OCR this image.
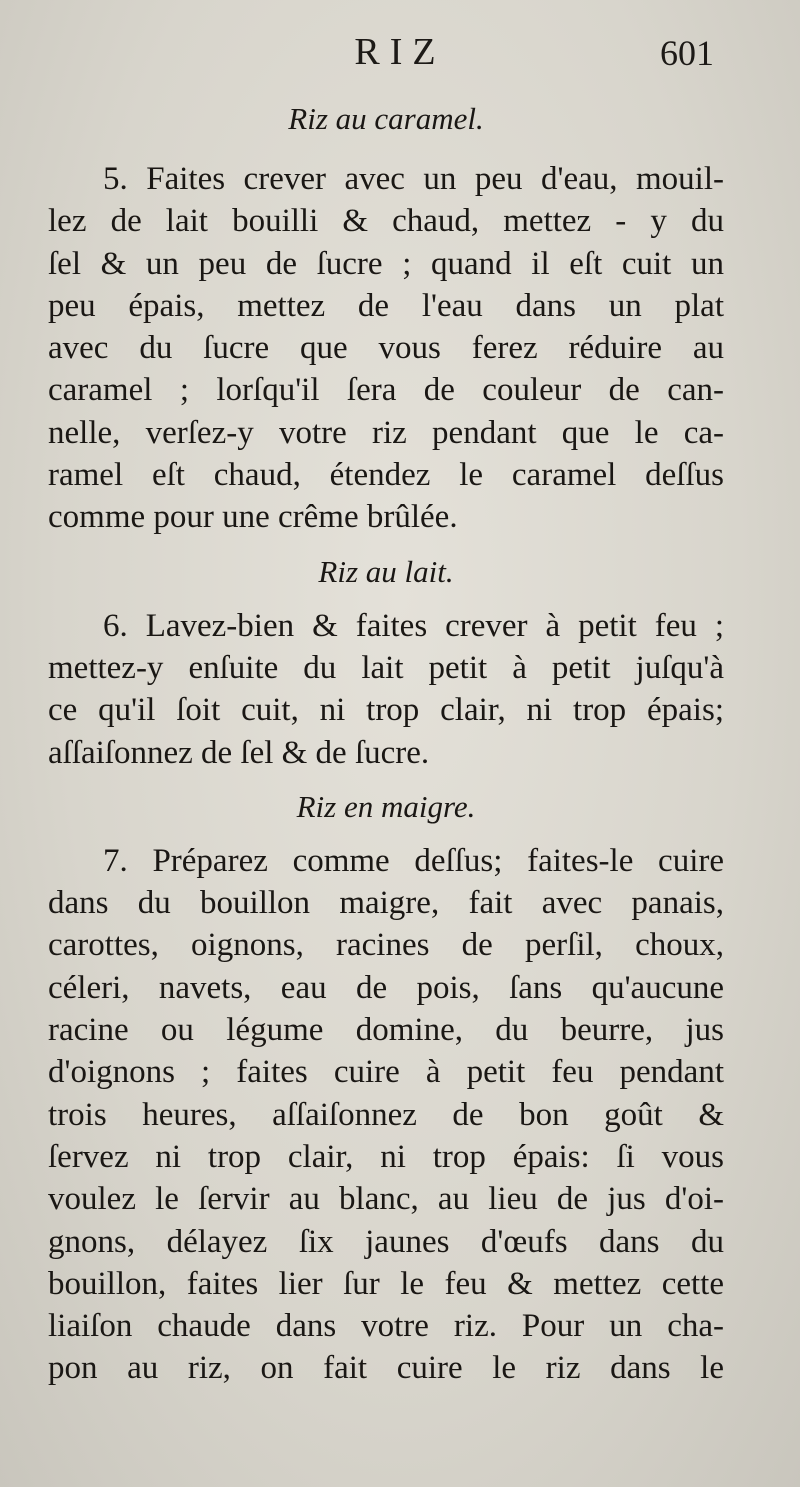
RIZ	601
Riz au caramel.
5. Faites crever avec un peu d'eau, mouil-
lez de lait bouilli & chaud, mettez - y du
ſel & un peu de ſucre ; quand il eſt cuit un
peu épais, mettez de l'eau dans un plat
avec du ſucre que vous ferez réduire au
caramel ; lorſqu'il ſera de couleur de can-
nelle, verſez-y votre riz pendant que le ca-
ramel eſt chaud, étendez le caramel deſſus
comme pour une crême brûlée.
Riz au lait.
6. Lavez-bien & faites crever à petit feu ;
mettez-y enſuite du lait petit à petit juſqu'à
ce qu'il ſoit cuit, ni trop clair, ni trop épais;
aſſaiſonnez de ſel & de ſucre.
Riz en maigre.
7. Préparez comme deſſus; faites-le cuire
dans du bouillon maigre, fait avec panais,
carottes, oignons, racines de perſil, choux,
céleri, navets, eau de pois, ſans qu'aucune
racine ou légume domine, du beurre, jus
d'oignons ; faites cuire à petit feu pendant
trois heures, aſſaiſonnez de bon goût &
ſervez ni trop clair, ni trop épais: ſi vous
voulez le ſervir au blanc, au lieu de jus d'oi-
gnons, délayez ſix jaunes d'œufs dans du
bouillon, faites lier ſur le feu & mettez cette
liaiſon chaude dans votre riz. Pour un cha-
pon au riz, on fait cuire le riz dans le
